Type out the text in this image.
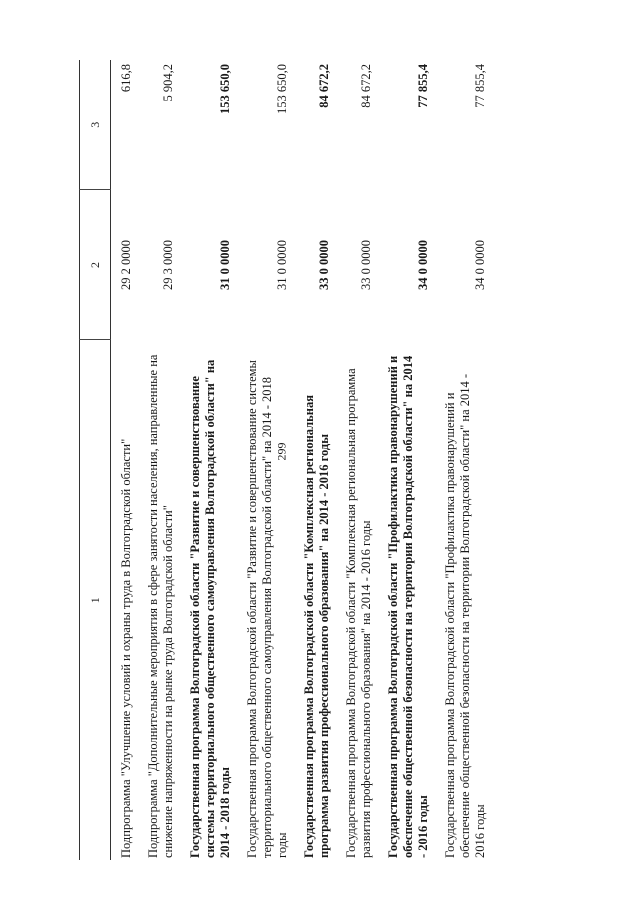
299
1	2	3
Подпрограмма "Улучшение условий и охраны труда в Волгоградской области"	29 2 0000	616,8
Подпрограмма "Дополнительные мероприятия в сфере занятости населения, направленные на снижение напряженности на рынке труда Волгоградской области"	29 3 0000	5 904,2
Государственная программа Волгоградской области "Развитие и совершенствование системы территориального общественного самоуправления Волгоградской области" на 2014 - 2018 годы	31 0 0000	153 650,0
Государственная программа Волгоградской области "Развитие и совершенствование системы территориального общественного самоуправления Волгоградской области" на 2014 - 2018 годы	31 0 0000	153 650,0
Государственная программа Волгоградской области "Комплексная региональная программа развития профессионального образования" на 2014 - 2016 годы	33 0 0000	84 672,2
Государственная программа Волгоградской области "Комплексная региональная программа развития профессионального образования" на 2014 - 2016 годы	33 0 0000	84 672,2
Государственная программа Волгоградской области "Профилактика правонарушений и обеспечение общественной безопасности на территории Волгоградской области" на 2014 - 2016 годы	34 0 0000	77 855,4
Государственная программа Волгоградской области "Профилактика правонарушений и обеспечение общественной безопасности на территории Волгоградской области" на 2014 - 2016 годы	34 0 0000	77 855,4
